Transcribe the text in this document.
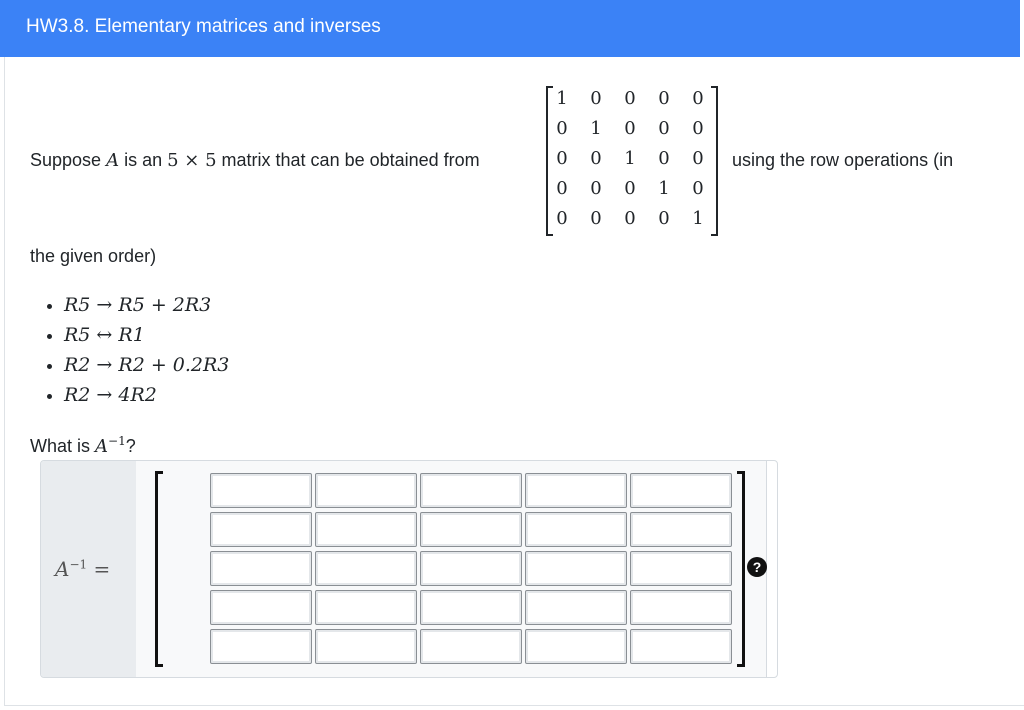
HW3.8. Elementary matrices and inverses
Suppose A is an 5 × 5 matrix that can be obtained from
1 0 0 0 0
0 1 0 0 0
0 0 1 0 0
0 0 0 1 0
0 0 0 0 1
using the row operations (in
the given order)
• R5 → R5 + 2R3
• R5 ↔ R1
• R2 → R2 + 0.2R3
• R2 → 4R2
What is $A^{-1}$?
$A^{-1}$ =	?
